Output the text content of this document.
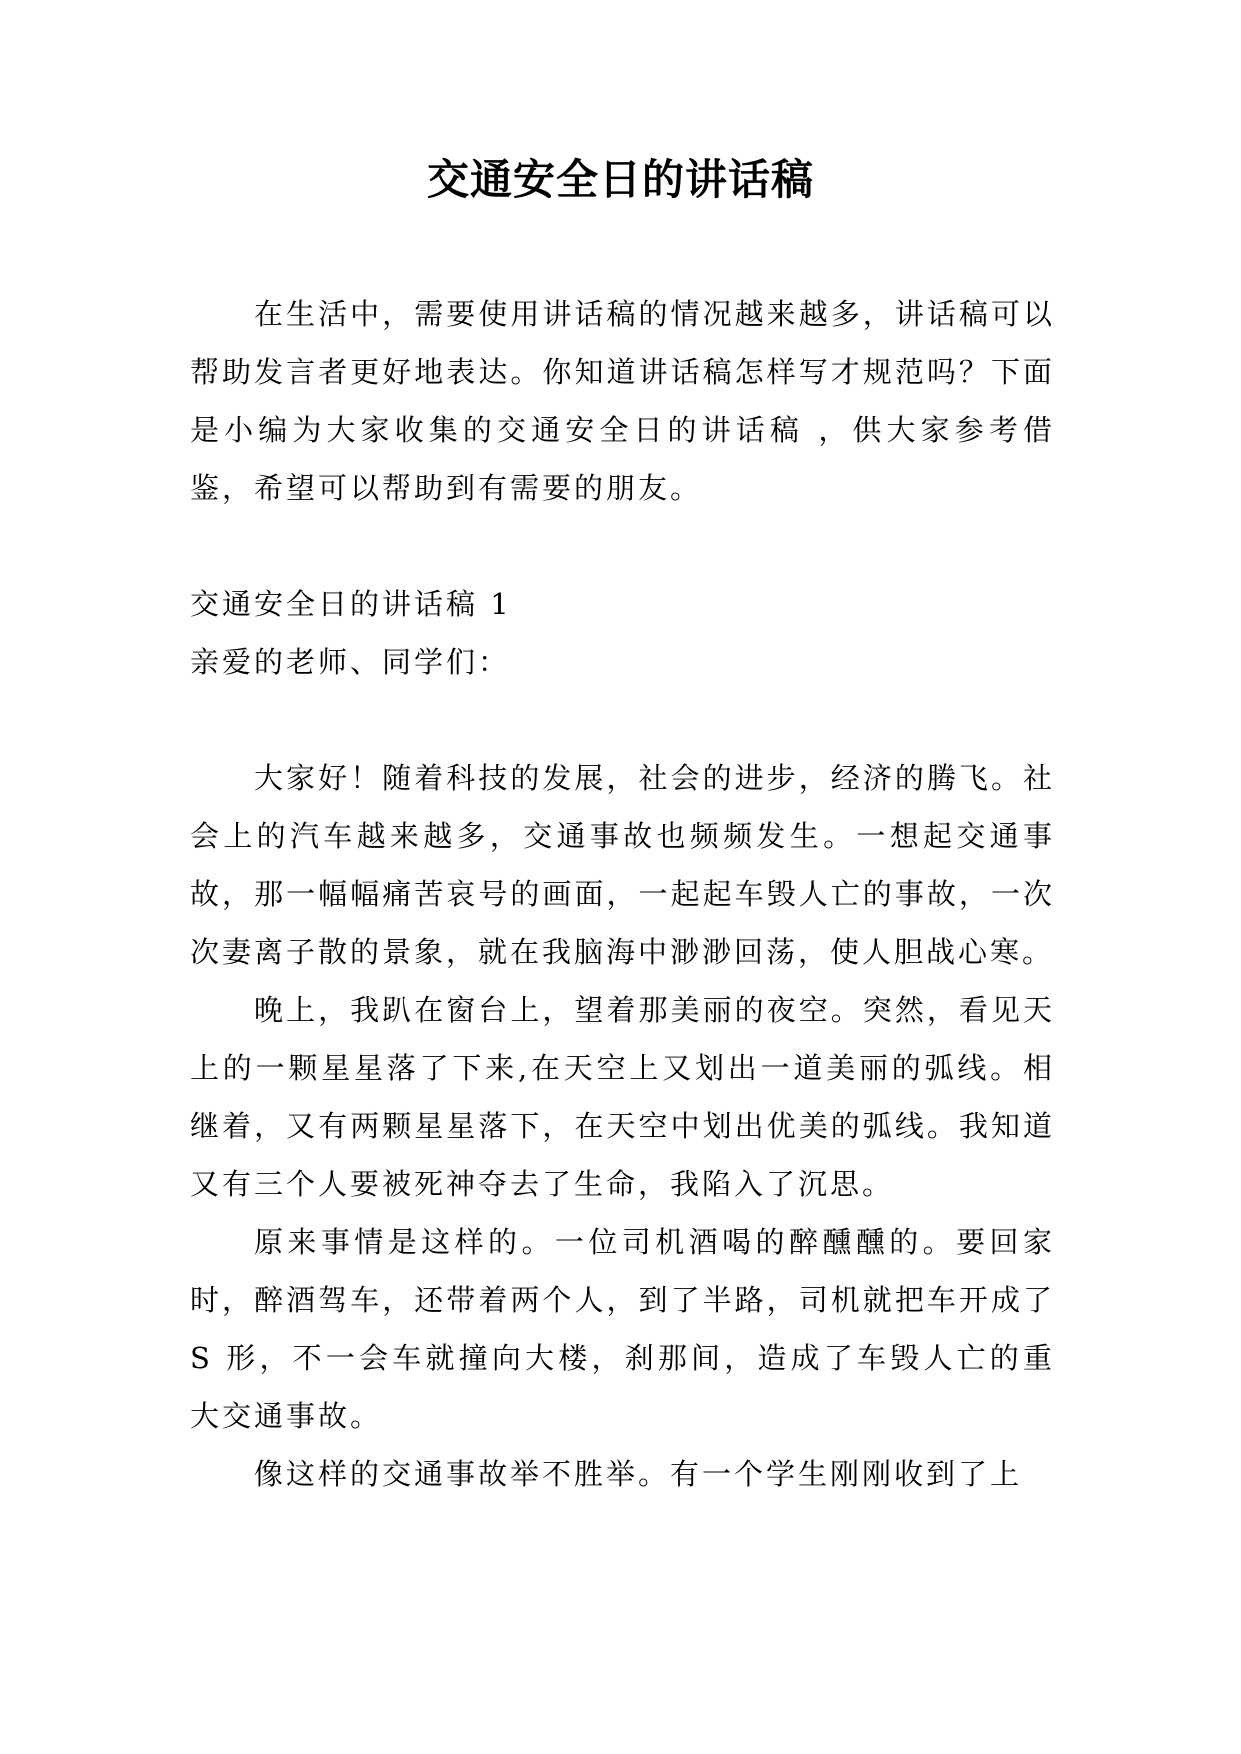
交通安全日的讲话稿

在生活中，需要使用讲话稿的情况越来越多，讲话稿可以帮助发言者更好地表达。你知道讲话稿怎样写才规范吗？下面是小编为大家收集的交通安全日的讲话稿 ，供大家参考借鉴，希望可以帮助到有需要的朋友。

交通安全日的讲话稿 1

亲爱的老师、同学们：

大家好！随着科技的发展，社会的进步，经济的腾飞。社会上的汽车越来越多，交通事故也频频发生。一想起交通事故，那一幅幅痛苦哀号的画面，一起起车毁人亡的事故，一次次妻离子散的景象，就在我脑海中渺渺回荡，使人胆战心寒。

晚上，我趴在窗台上，望着那美丽的夜空。突然，看见天上的一颗星星落了下来,在天空上又划出一道美丽的弧线。相继着，又有两颗星星落下，在天空中划出优美的弧线。我知道又有三个人要被死神夺去了生命，我陷入了沉思。

原来事情是这样的。一位司机酒喝的醉醺醺的。要回家时，醉酒驾车，还带着两个人，到了半路，司机就把车开成了 S 形，不一会车就撞向大楼，刹那间，造成了车毁人亡的重大交通事故。

像这样的交通事故举不胜举。有一个学生刚刚收到了上
